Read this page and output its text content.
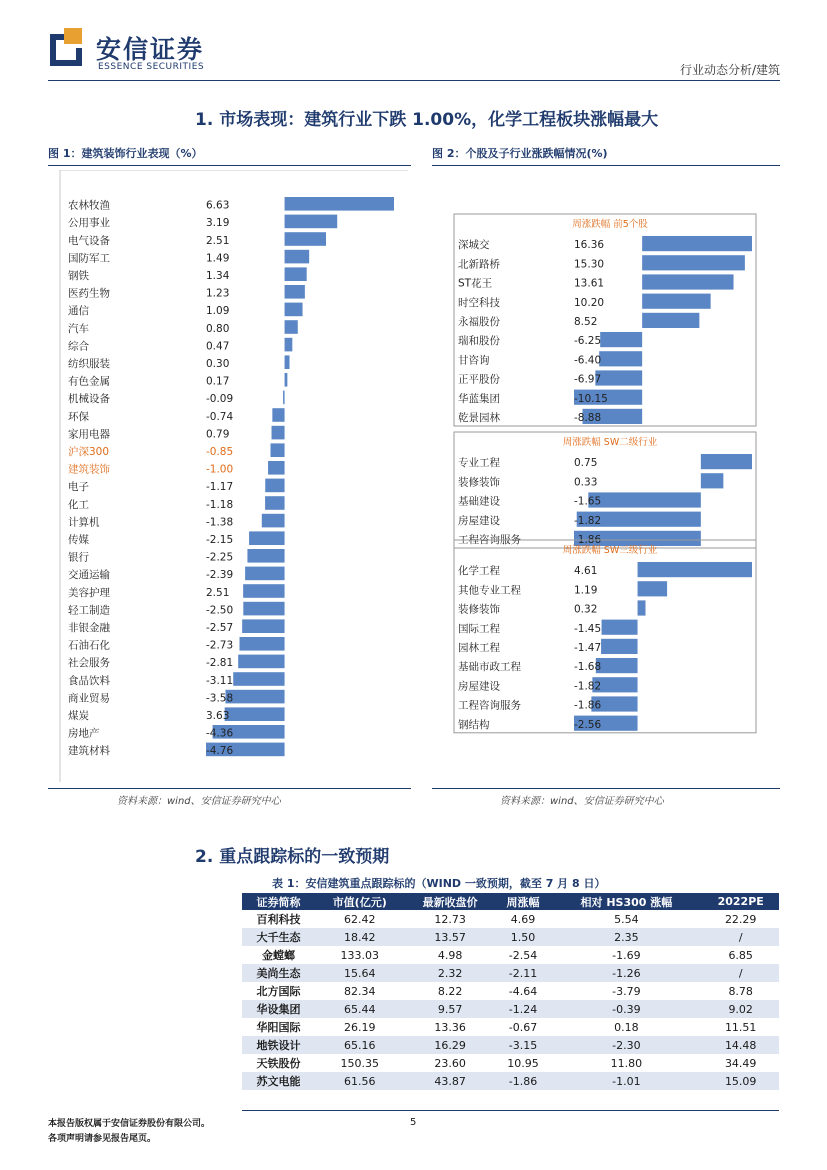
安信证券
ESSENCE SECURITIES	行业动态分析/建筑
1. 市场表现：建筑行业下跌 1.00%，化学工程板块涨幅最大
图 1：建筑装饰行业表现（%）	图 2：个股及子行业涨跌幅情况(%)
农林牧渔	6.63
公用事业	3.19
电气设备	2.51
国防军工	1.49
钢铁	1.34
医药生物	1.23
通信	1.09
汽车	0.80
综合	0.47
纺织服装	0.30
有色金属	0.17
机械设备	-0.09
环保	-0.74
家用电器	0.79
沪深300	-0.85
建筑装饰	-1.00
电子	-1.17
化工	-1.18
计算机	-1.38
传媒	-2.15
银行	-2.25
交通运输	-2.39
美容护理	2.51
轻工制造	-2.50
非银金融	-2.57
石油石化	-2.73
社会服务	-2.81
食品饮料	-3.11
商业贸易	-3.58
煤炭	3.63
房地产	-4.36
建筑材料	-4.76
周涨跌幅 前5个股
深城交	16.36
北新路桥	15.30
ST花王	13.61
时空科技	10.20
永福股份	8.52
瑞和股份	-6.25
甘咨询	-6.40
正平股份	-6.97
华蓝集团	-10.15
乾景园林	-8.88
周涨跌幅 SW二级行业
专业工程	0.75
装修装饰	0.33
基础建设	-1.65
房屋建设	-1.82
工程咨询服务	-1.86
周涨跌幅 SW三级行业
化学工程	4.61
其他专业工程	1.19
装修装饰	0.32
国际工程	-1.45
园林工程	-1.47
基础市政工程	-1.68
房屋建设	-1.82
工程咨询服务	-1.86
钢结构	-2.56
资料来源：wind、安信证券研究中心	资料来源：wind、安信证券研究中心
2. 重点跟踪标的一致预期
表 1：安信建筑重点跟踪标的（WIND 一致预期，截至 7 月 8 日）
证券简称	市值(亿元)	最新收盘价	周涨幅	相对 HS300 涨幅	2022PE
百利科技	62.42	12.73	4.69	5.54	22.29
大千生态	18.42	13.57	1.50	2.35	/
金螳螂	133.03	4.98	-2.54	-1.69	6.85
美尚生态	15.64	2.32	-2.11	-1.26	/
北方国际	82.34	8.22	-4.64	-3.79	8.78
华设集团	65.44	9.57	-1.24	-0.39	9.02
华阳国际	26.19	13.36	-0.67	0.18	11.51
地铁设计	65.16	16.29	-3.15	-2.30	14.48
天铁股份	150.35	23.60	10.95	11.80	34.49
苏文电能	61.56	43.87	-1.86	-1.01	15.09
本报告版权属于安信证券股份有限公司。
各项声明请参见报告尾页。
5
